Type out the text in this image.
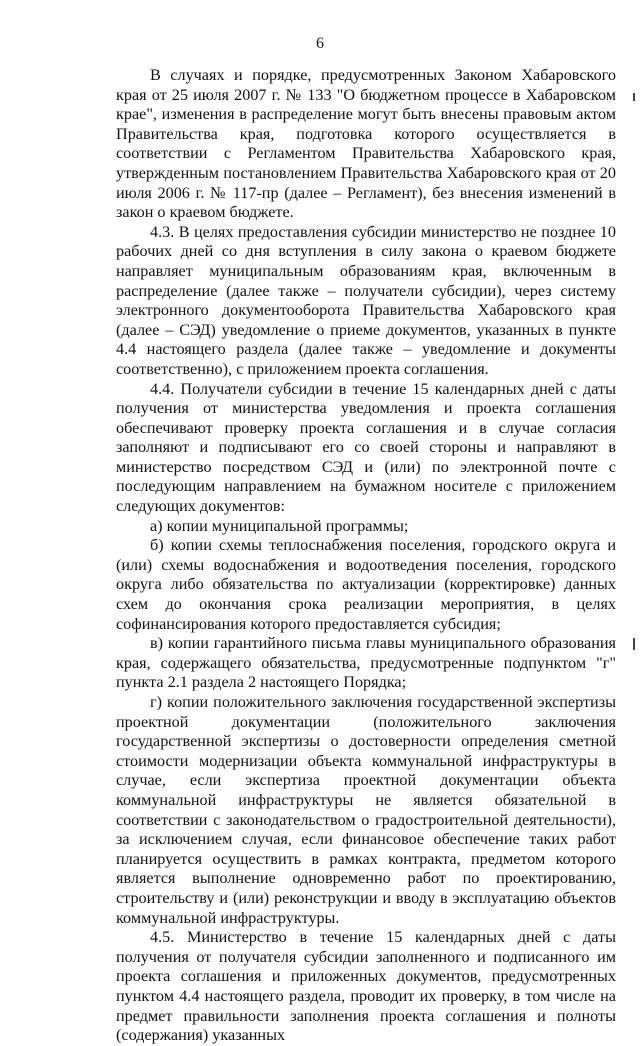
6

В случаях и порядке, предусмотренных Законом Хабаровского края от 25 июля 2007 г. № 133 "О бюджетном процессе в Хабаровском крае", изменения в распределение могут быть внесены правовым актом Правительства края, подготовка которого осуществляется в соответствии с Регламентом Правительства Хабаровского края, утвержденным постановлением Правительства Хабаровского края от 20 июля 2006 г. № 117-пр (далее – Регламент), без внесения изменений в закон о краевом бюджете.

4.3. В целях предоставления субсидии министерство не позднее 10 рабочих дней со дня вступления в силу закона о краевом бюджете направляет муниципальным образованиям края, включенным в распределение (далее также – получатели субсидии), через систему электронного документооборота Правительства Хабаровского края (далее – СЭД) уведомление о приеме документов, указанных в пункте 4.4 настоящего раздела (далее также – уведомление и документы соответственно), с приложением проекта соглашения.

4.4. Получатели субсидии в течение 15 календарных дней с даты получения от министерства уведомления и проекта соглашения обеспечивают проверку проекта соглашения и в случае согласия заполняют и подписывают его со своей стороны и направляют в министерство посредством СЭД и (или) по электронной почте с последующим направлением на бумажном носителе с приложением следующих документов:

а) копии муниципальной программы;

б) копии схемы теплоснабжения поселения, городского округа и (или) схемы водоснабжения и водоотведения поселения, городского округа либо обязательства по актуализации (корректировке) данных схем до окончания срока реализации мероприятия, в целях софинансирования которого предоставляется субсидия;

в) копии гарантийного письма главы муниципального образования края, содержащего обязательства, предусмотренные подпунктом "г" пункта 2.1 раздела 2 настоящего Порядка;

г) копии положительного заключения государственной экспертизы проектной документации (положительного заключения государственной экспертизы о достоверности определения сметной стоимости модернизации объекта коммунальной инфраструктуры в случае, если экспертиза проектной документации объекта коммунальной инфраструктуры не является обязательной в соответствии с законодательством о градостроительной деятельности), за исключением случая, если финансовое обеспечение таких работ планируется осуществить в рамках контракта, предметом которого является выполнение одновременно работ по проектированию, строительству и (или) реконструкции и вводу в эксплуатацию объектов коммунальной инфраструктуры.

4.5. Министерство в течение 15 календарных дней с даты получения от получателя субсидии заполненного и подписанного им проекта соглашения и приложенных документов, предусмотренных пунктом 4.4 настоящего раздела, проводит их проверку, в том числе на предмет правильности заполнения проекта соглашения и полноты (содержания) указанных
